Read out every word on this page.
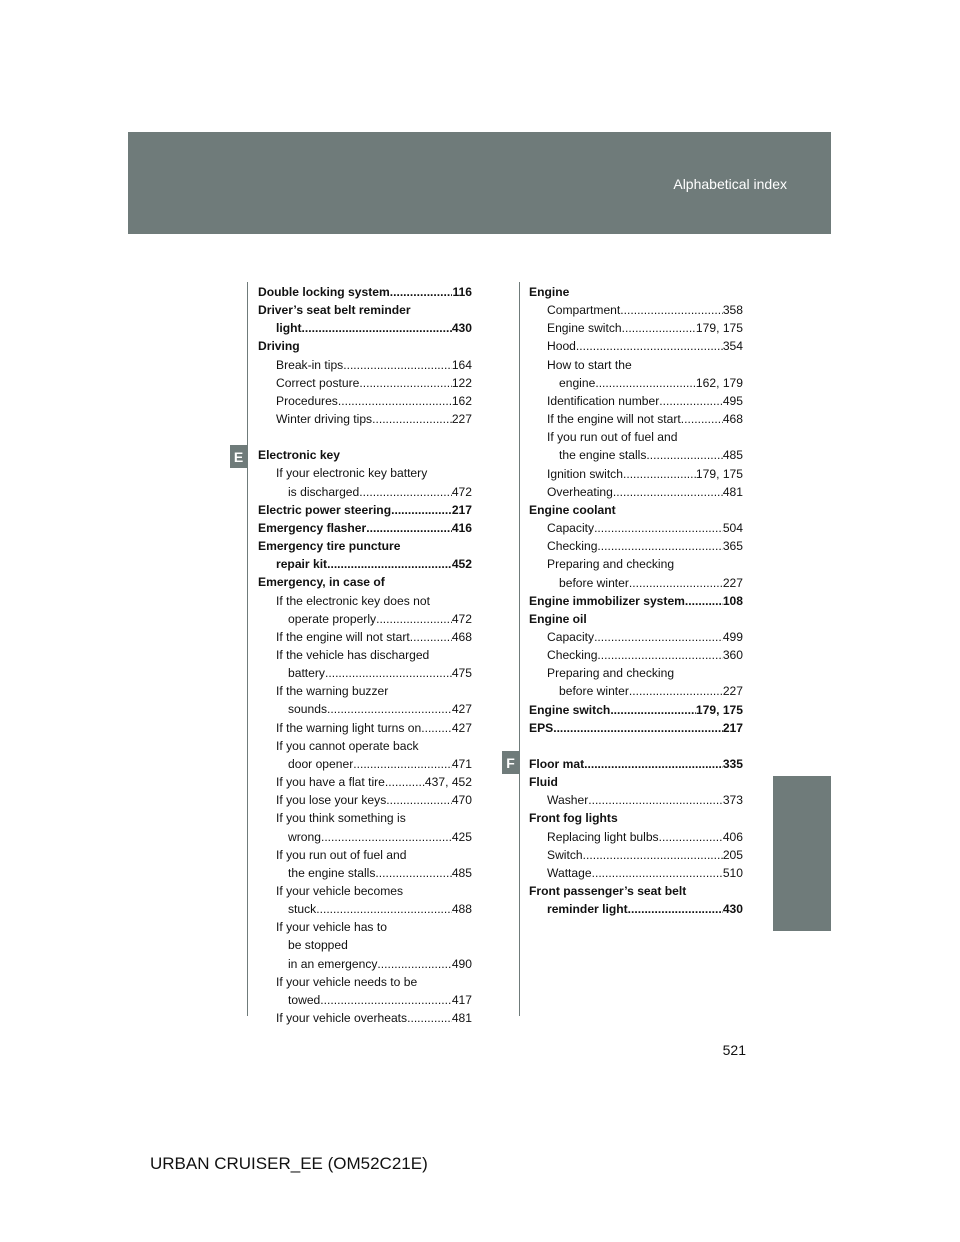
Alphabetical index
E
F
Double locking system .....	116
Driver’s seat belt reminder
light .....	430
Driving
Break-in tips .....	164
Correct posture .....	122
Procedures .....	162
Winter driving tips .....	227
Electronic key
If your electronic key battery
is discharged .....	472
Electric power steering .....	217
Emergency flasher .....	416
Emergency tire puncture
repair kit .....	452
Emergency, in case of
If the electronic key does not
operate properly .....	472
If the engine will not start .....	468
If the vehicle has discharged
battery .....	475
If the warning buzzer
sounds .....	427
If the warning light turns on .....	427
If you cannot operate back
door opener .....	471
If you have a flat tire .....	437, 452
If you lose your keys .....	470
If you think something is
wrong .....	425
If you run out of fuel and
the engine stalls .....	485
If your vehicle becomes
stuck .....	488
If your vehicle has to
be stopped
in an emergency .....	490
If your vehicle needs to be
towed .....	417
If your vehicle overheats .....	481
Engine
Compartment .....	358
Engine switch .....	179, 175
Hood .....	354
How to start the
engine .....	162, 179
Identification number .....	495
If the engine will not start .....	468
If you run out of fuel and
the engine stalls .....	485
Ignition switch .....	179, 175
Overheating .....	481
Engine coolant
Capacity .....	504
Checking .....	365
Preparing and checking
before winter .....	227
Engine immobilizer system .....	108
Engine oil
Capacity .....	499
Checking .....	360
Preparing and checking
before winter .....	227
Engine switch .....	179, 175
EPS .....	217
Floor mat .....	335
Fluid
Washer .....	373
Front fog lights
Replacing light bulbs .....	406
Switch .....	205
Wattage .....	510
Front passenger’s seat belt
reminder light .....	430
521
URBAN CRUISER_EE (OM52C21E)
